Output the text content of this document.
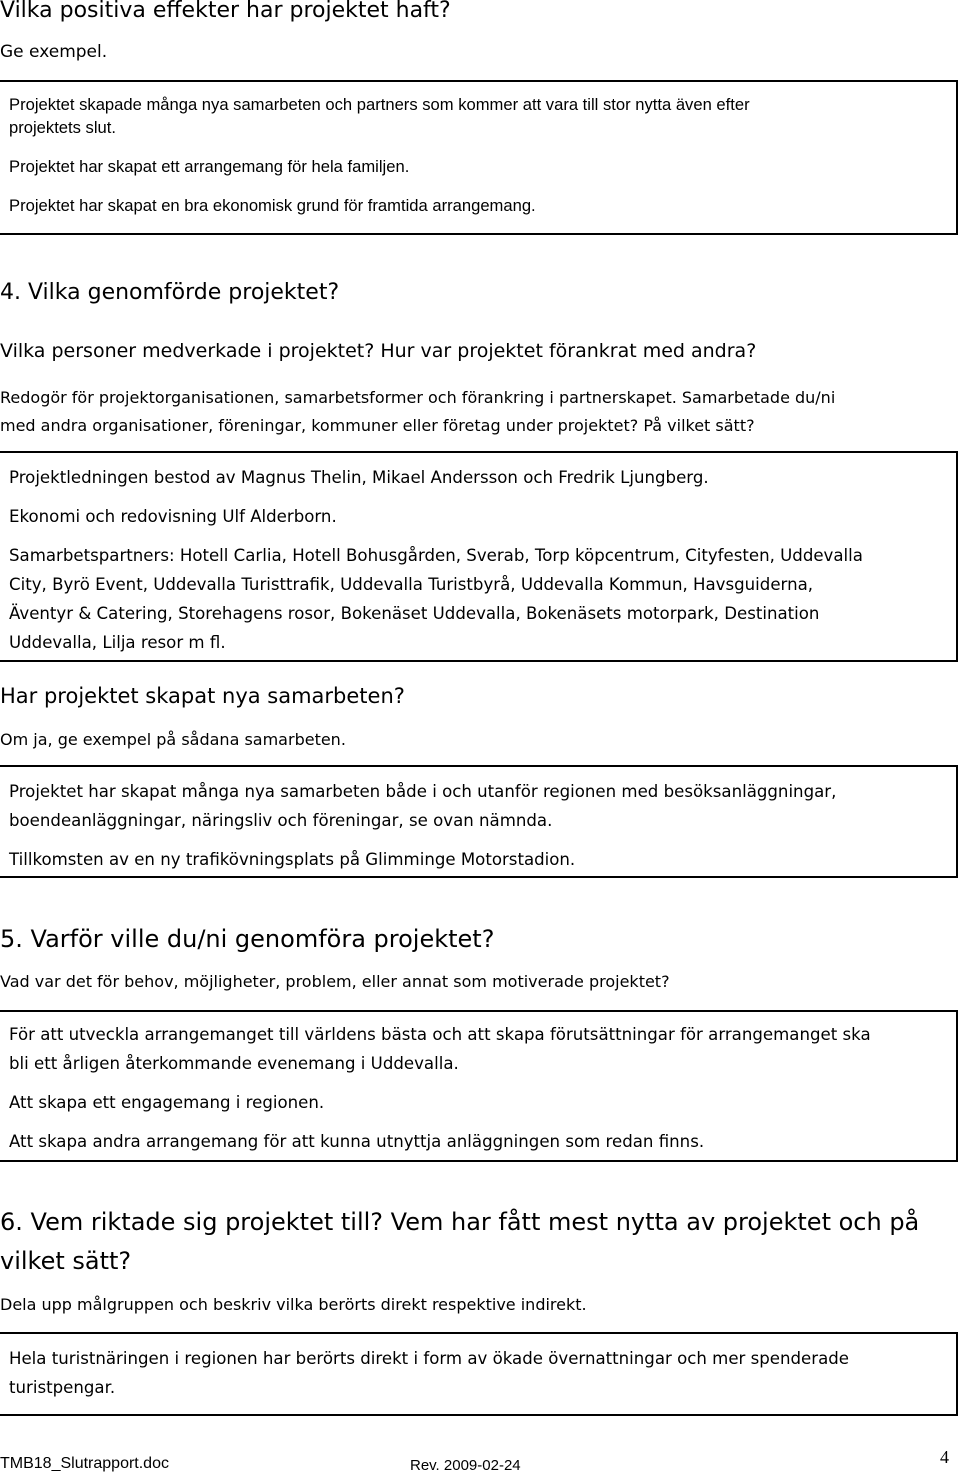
Vilka positiva effekter har projektet haft?
Ge exempel.
Projektet skapade många nya samarbeten och partners som kommer att vara till stor nytta även efter
projektets slut.
Projektet har skapat ett arrangemang för hela familjen.
Projektet har skapat en bra ekonomisk grund för framtida arrangemang.
4. Vilka genomförde projektet?
Vilka personer medverkade i projektet? Hur var projektet förankrat med andra?
Redogör för projektorganisationen, samarbetsformer och förankring i partnerskapet. Samarbetade du/ni
med andra organisationer, föreningar, kommuner eller företag under projektet? På vilket sätt?
Projektledningen bestod av Magnus Thelin, Mikael Andersson och Fredrik Ljungberg.
Ekonomi och redovisning Ulf Alderborn.
Samarbetspartners: Hotell Carlia, Hotell Bohusgården, Sverab, Torp köpcentrum, Cityfesten, Uddevalla
City, Byrö Event, Uddevalla Turisttrafik, Uddevalla Turistbyrå, Uddevalla Kommun, Havsguiderna,
Äventyr & Catering, Storehagens rosor, Bokenäset Uddevalla, Bokenäsets motorpark, Destination
Uddevalla, Lilja resor m fl.
Har projektet skapat nya samarbeten?
Om ja, ge exempel på sådana samarbeten.
Projektet har skapat många nya samarbeten både i och utanför regionen med besöksanläggningar,
boendeanläggningar, näringsliv och föreningar, se ovan nämnda.
Tillkomsten av en ny trafikövningsplats på Glimminge Motorstadion.
5. Varför ville du/ni genomföra projektet?
Vad var det för behov, möjligheter, problem, eller annat som motiverade projektet?
För att utveckla arrangemanget till världens bästa och att skapa förutsättningar för arrangemanget ska
bli ett årligen återkommande evenemang i Uddevalla.
Att skapa ett engagemang i regionen.
Att skapa andra arrangemang för att kunna utnyttja anläggningen som redan finns.
6. Vem riktade sig projektet till? Vem har fått mest nytta av projektet och på
vilket sätt?
Dela upp målgruppen och beskriv vilka berörts direkt respektive indirekt.
Hela turistnäringen i regionen har berörts direkt i form av ökade övernattningar och mer spenderade
turistpengar.
TMB18_Slutrapport.doc	Rev. 2009-02-24	4
